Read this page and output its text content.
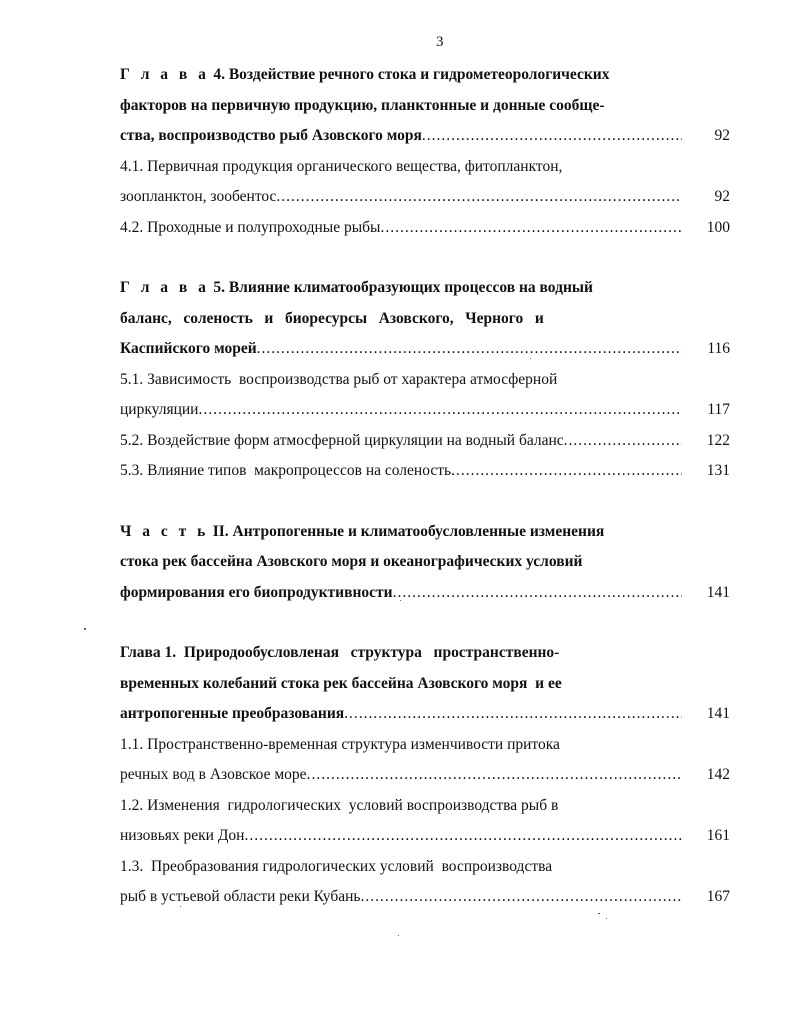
3
Г л а в а 4. Воздействие речного стока и гидрометеорологических
факторов на первичную продукцию, планктонные и донные сообще-
ства, воспроизводство рыб Азовского моря .....	92
4.1. Первичная продукция органического вещества, фитопланктон,
зоопланктон, зообентос .....	92
4.2. Проходные и полупроходные рыбы .....	100
Г л а в а 5. Влияние климатообразующих процессов на водный
баланс,   соленость   и   биоресурсы   Азовского,   Черного   и
Каспийского морей .....	116
5.1. Зависимость  воспроизводства рыб от характера атмосферной
циркуляции .....	117
5.2. Воздействие форм атмосферной циркуляции на водный баланс .....	122
5.3. Влияние типов  макропроцессов на соленость .....	131
Ч а с т ь II. Антропогенные и климатообусловленные изменения
стока рек бассейна Азовского моря и океанографических условий
формирования его биопродуктивности .....	141
Глава 1.  Природообусловленая   структура   пространственно-
временных колебаний стока рек бассейна Азовского моря  и ее
антропогенные преобразования .....	141
1.1. Пространственно-временная структура изменчивости притока
речных вод в Азовское море .....	142
1.2. Изменения  гидрологических  условий воспроизводства рыб в
низовьях реки Дон .....	161
1.3.  Преобразования гидрологических условий  воспроизводства
рыб в устьевой области реки Кубань .....	167
